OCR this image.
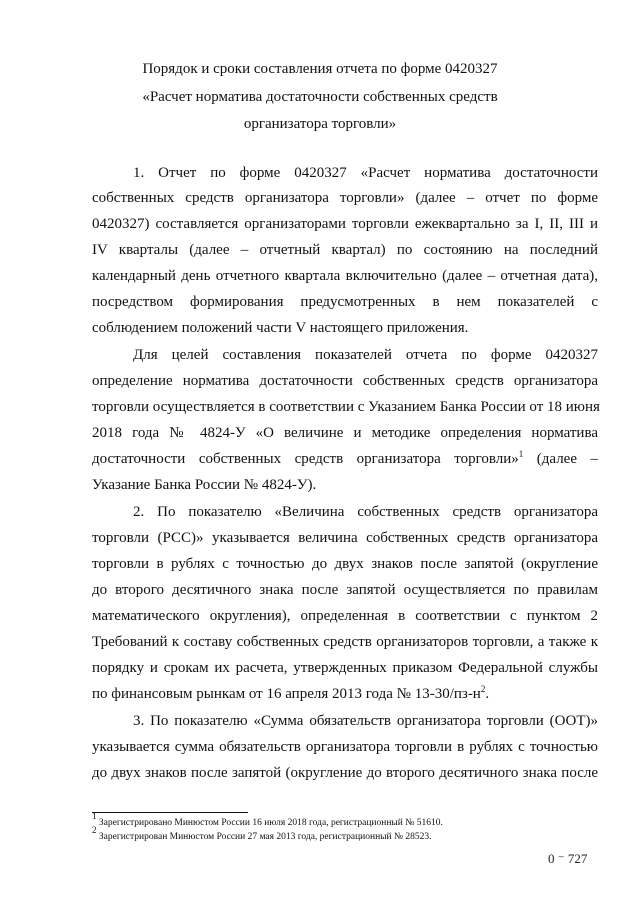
Порядок и сроки составления отчета по форме 0420327
«Расчет норматива достаточности собственных средств
организатора торговли»
1. Отчет по форме 0420327 «Расчет норматива достаточности
собственных средств организатора торговли» (далее – отчет по форме
0420327) составляется организаторами торговли ежеквартально за I, II, III и
IV кварталы (далее – отчетный квартал) по состоянию на последний
календарный день отчетного квартала включительно (далее – отчетная дата),
посредством формирования предусмотренных в нем показателей с
соблюдением положений части V настоящего приложения.
Для целей составления показателей отчета по форме 0420327
определение норматива достаточности собственных средств организатора
торговли осуществляется в соответствии с Указанием Банка России от 18 июня
2018 года № 4824-У «О величине и методике определения норматива
достаточности собственных средств организатора торговли»$^1$ (далее –
Указание Банка России № 4824-У).
2. По показателю «Величина собственных средств организатора
торговли (РСС)» указывается величина собственных средств организатора
торговли в рублях с точностью до двух знаков после запятой (округление
до второго десятичного знака после запятой осуществляется по правилам
математического округления), определенная в соответствии с пунктом 2
Требований к составу собственных средств организаторов торговли, а также к
порядку и срокам их расчета, утвержденных приказом Федеральной службы
по финансовым рынкам от 16 апреля 2013 года № $13-30/пз-н^2$.
3. По показателю «Сумма обязательств организатора торговли (ООТ)»
указывается сумма обязательств организатора торговли в рублях с точностью
до двух знаков после запятой (округление до второго десятичного знака после
$^1$ Зарегистрировано Минюстом России 16 июля 2018 года, регистрационный № 51610.
$^2$ Зарегистрирован Минюстом России 27 мая 2013 года, регистрационный № 28523.
0 ⁻ 727
